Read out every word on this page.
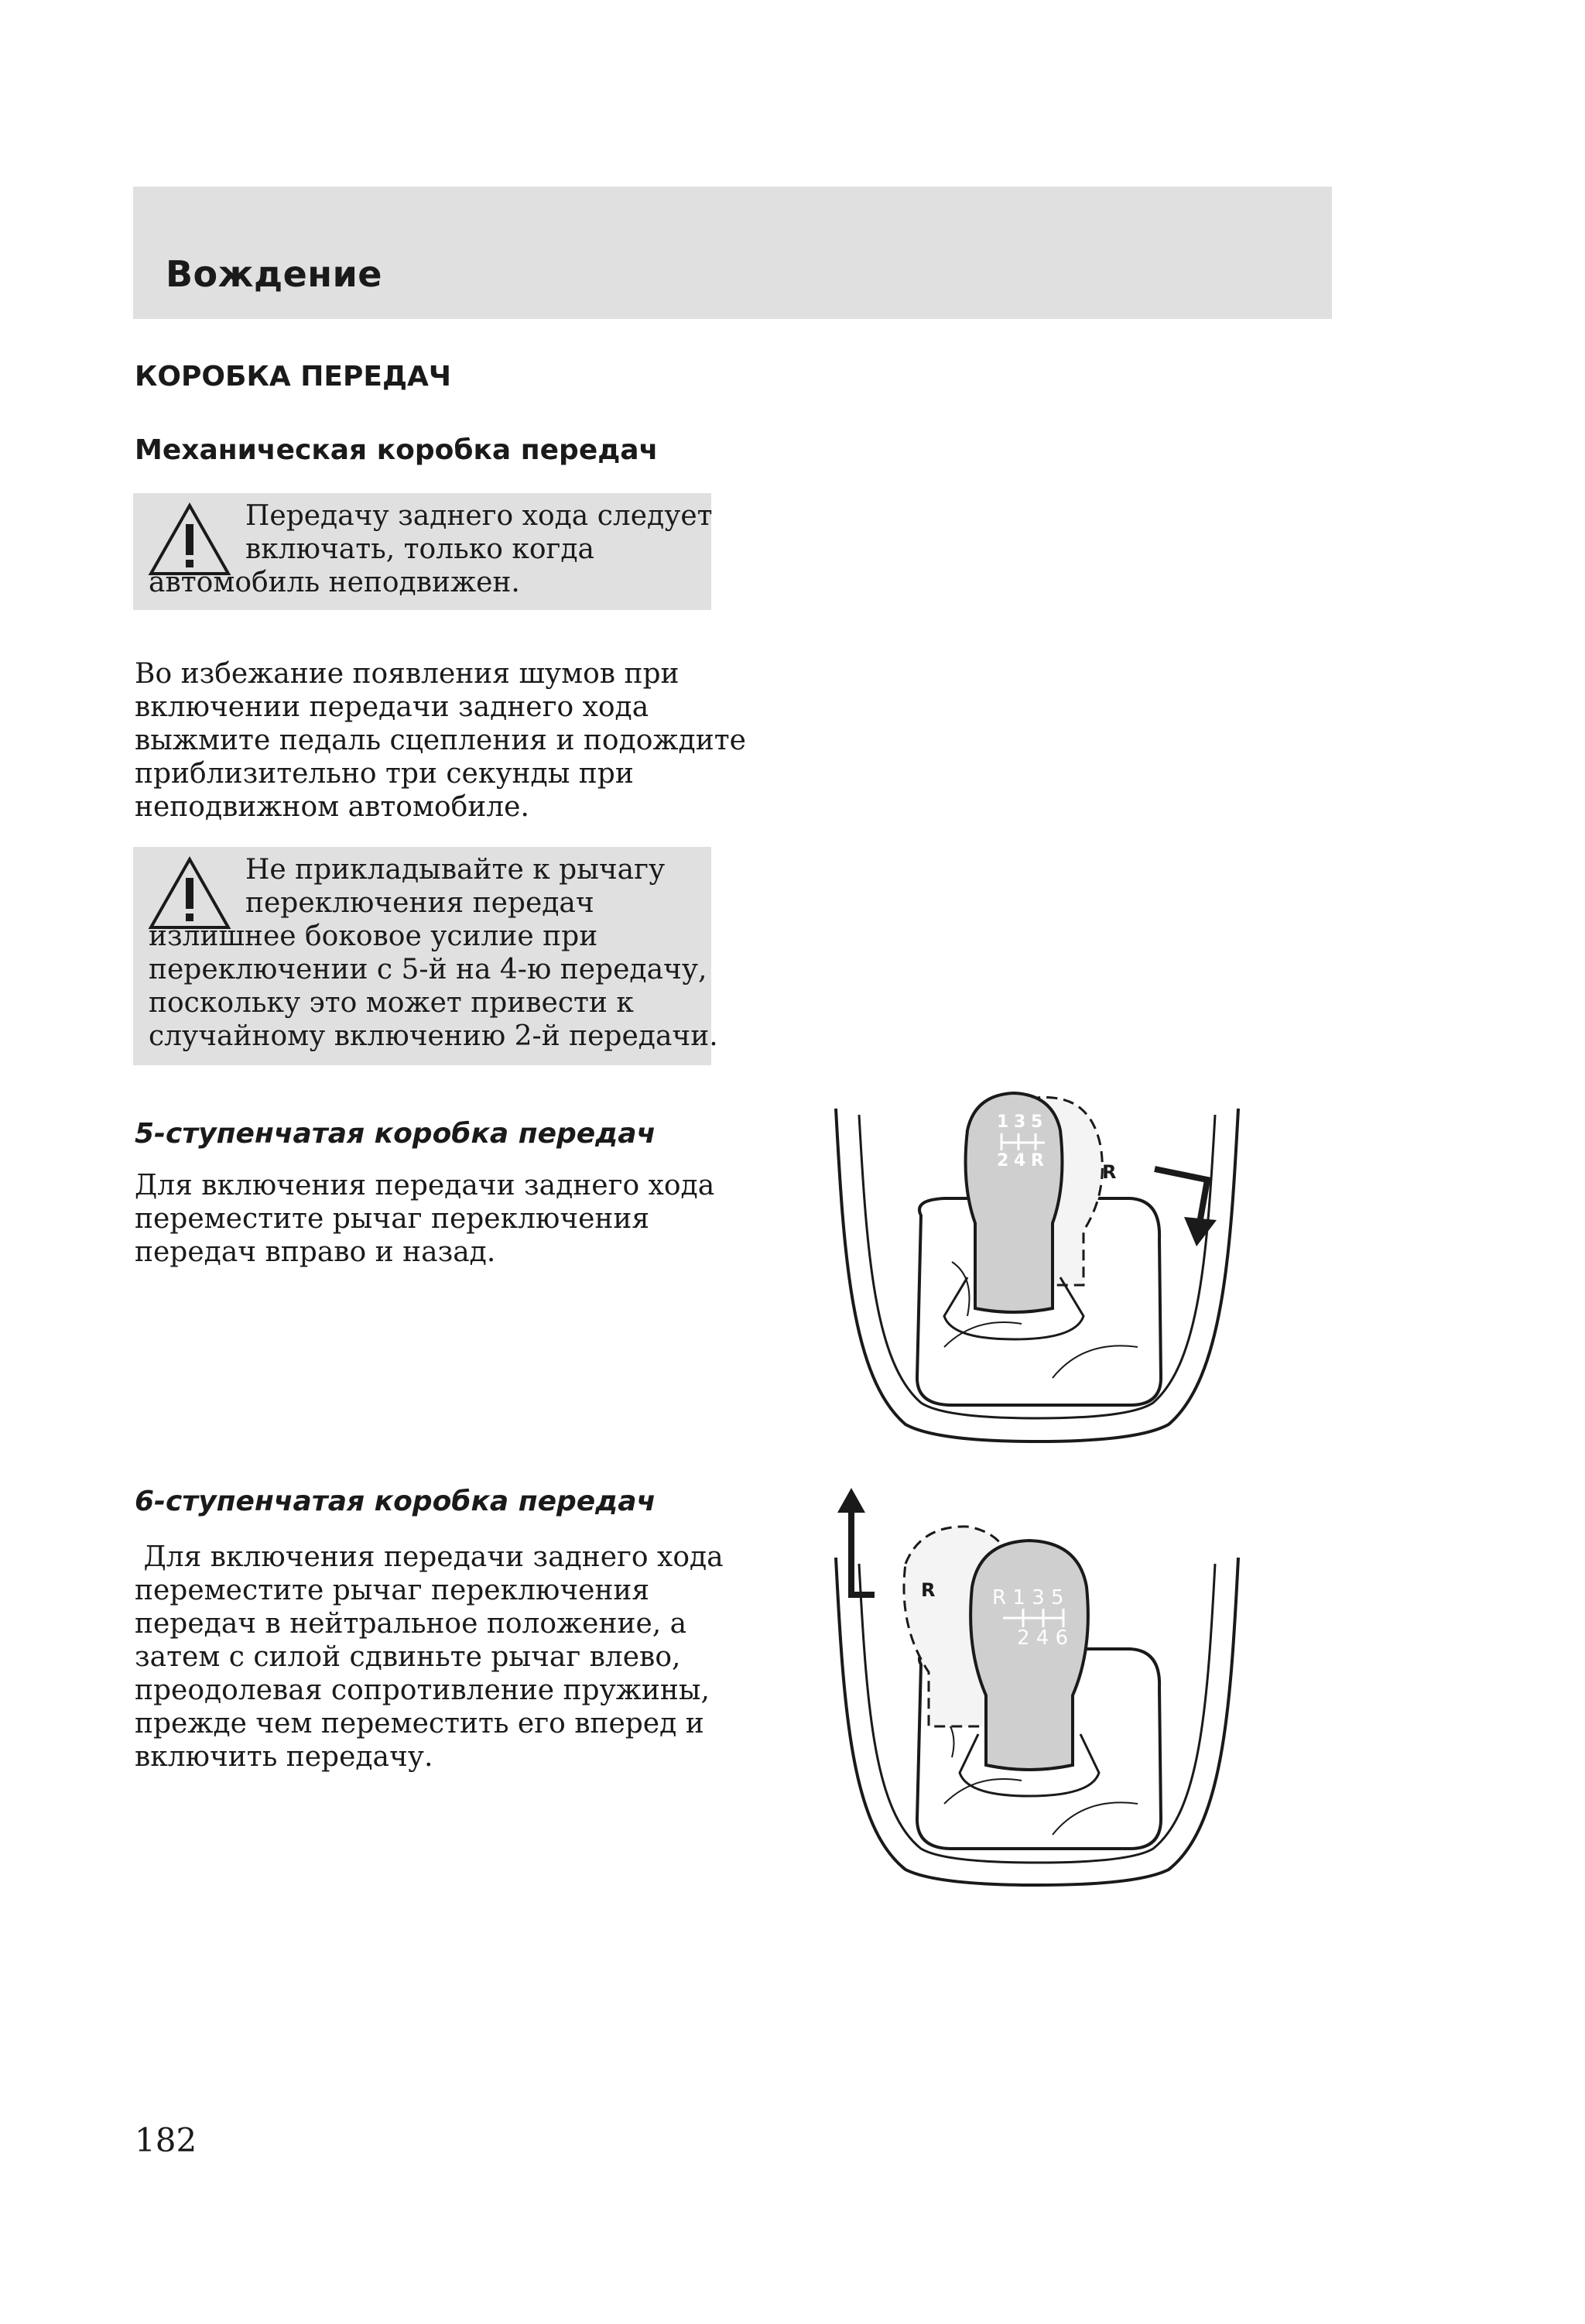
Вождение

КОРОБКА ПЕРЕДАЧ

Механическая коробка передач

Передачу заднего хода следует
включать, только когда
автомобиль неподвижен.
Во избежание появления шумов при
включении передачи заднего хода
выжмите педаль сцепления и подождите
приблизительно три секунды при
неподвижном автомобиле.
Не прикладывайте к рычагу
переключения передач
излишнее боковое усилие при
переключении с 5-й на 4-ю передачу,
поскольку это может привести к
случайному включению 2-й передачи.

5-ступенчатая коробка передач

Для включения передачи заднего хода
переместите рычаг переключения
передач вправо и назад.
1 3 5
2 4 R
R

6-ступенчатая коробка передач

Для включения передачи заднего хода
переместите рычаг переключения
передач в нейтральное положение, а
затем с силой сдвиньте рычаг влево,
преодолевая сопротивление пружины,
прежде чем переместить его вперед и
включить передачу.
R	R 1 3 5
2 4 6
182
